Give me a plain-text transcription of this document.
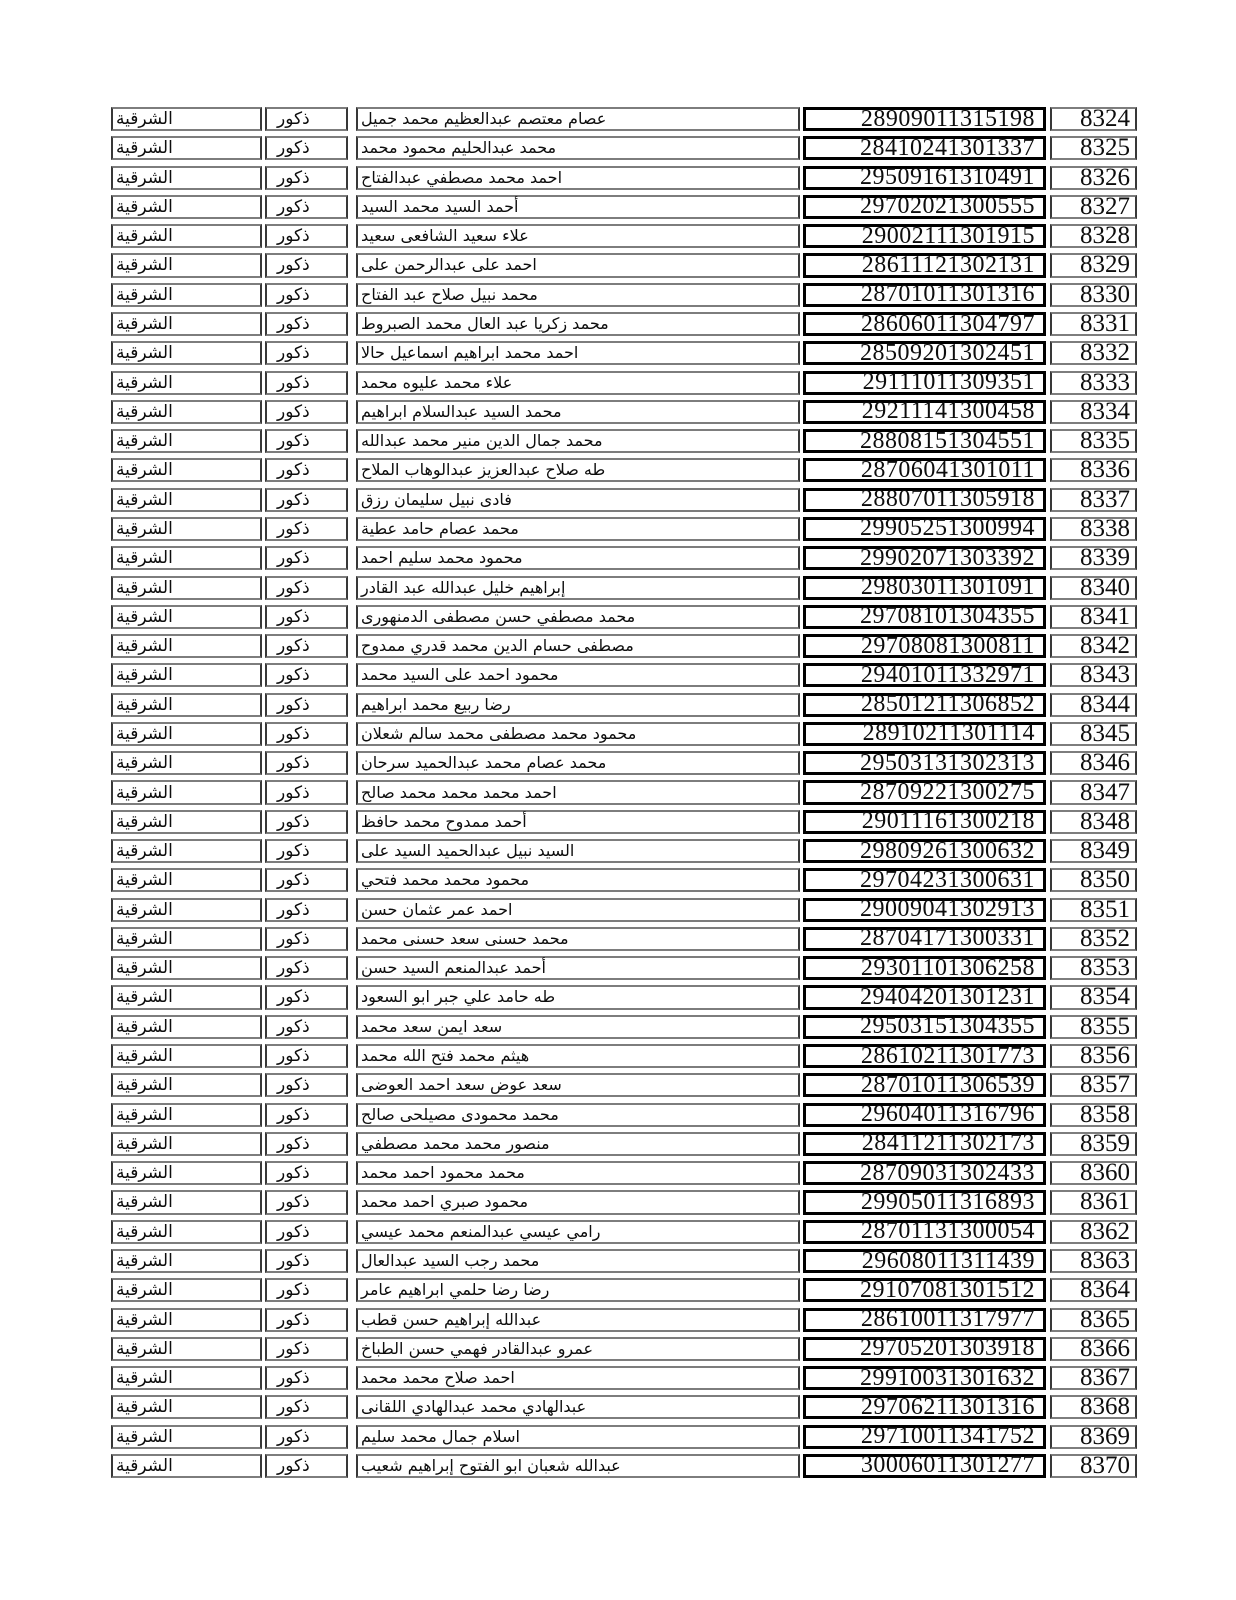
الشرقية	ذكور	عصام معتصم عبدالعظيم محمد جميل	28909011315198	8324
الشرقية	ذكور	محمد عبدالحليم محمود محمد	28410241301337	8325
الشرقية	ذكور	احمد محمد مصطفي عبدالفتاح	29509161310491	8326
الشرقية	ذكور	أحمد السيد محمد السيد	29702021300555	8327
الشرقية	ذكور	علاء سعيد الشافعى سعيد	29002111301915	8328
الشرقية	ذكور	احمد على عبدالرحمن على	28611121302131	8329
الشرقية	ذكور	محمد نبيل صلاح عبد الفتاح	28701011301316	8330
الشرقية	ذكور	محمد زكريا عبد العال محمد الصبروط	28606011304797	8331
الشرقية	ذكور	احمد محمد ابراهيم اسماعيل حالا	28509201302451	8332
الشرقية	ذكور	علاء محمد عليوه محمد	29111011309351	8333
الشرقية	ذكور	محمد السيد عبدالسلام ابراهيم	29211141300458	8334
الشرقية	ذكور	محمد جمال الدين منير محمد عبدالله	28808151304551	8335
الشرقية	ذكور	طه صلاح عبدالعزيز عبدالوهاب الملاح	28706041301011	8336
الشرقية	ذكور	فادى نبيل سليمان رزق	28807011305918	8337
الشرقية	ذكور	محمد عصام حامد عطية	29905251300994	8338
الشرقية	ذكور	محمود محمد سليم احمد	29902071303392	8339
الشرقية	ذكور	إبراهيم خليل عبدالله عبد القادر	29803011301091	8340
الشرقية	ذكور	محمد مصطفي حسن مصطفى الدمنهورى	29708101304355	8341
الشرقية	ذكور	مصطفى حسام الدين محمد قدري ممدوح	29708081300811	8342
الشرقية	ذكور	محمود احمد على السيد محمد	29401011332971	8343
الشرقية	ذكور	رضا ربيع محمد ابراهيم	28501211306852	8344
الشرقية	ذكور	محمود محمد مصطفى محمد سالم شعلان	28910211301114	8345
الشرقية	ذكور	محمد عصام محمد عبدالحميد سرحان	29503131302313	8346
الشرقية	ذكور	احمد محمد محمد محمد صالح	28709221300275	8347
الشرقية	ذكور	أحمد ممدوح محمد حافظ	29011161300218	8348
الشرقية	ذكور	السيد نبيل عبدالحميد السيد على	29809261300632	8349
الشرقية	ذكور	محمود محمد محمد فتحي	29704231300631	8350
الشرقية	ذكور	احمد عمر عثمان حسن	29009041302913	8351
الشرقية	ذكور	محمد حسنى سعد حسنى محمد	28704171300331	8352
الشرقية	ذكور	أحمد عبدالمنعم السيد حسن	29301101306258	8353
الشرقية	ذكور	طه حامد علي جبر ابو السعود	29404201301231	8354
الشرقية	ذكور	سعد ايمن سعد محمد	29503151304355	8355
الشرقية	ذكور	هيثم محمد فتح الله محمد	28610211301773	8356
الشرقية	ذكور	سعد عوض سعد احمد العوضى	28701011306539	8357
الشرقية	ذكور	محمد محمودى مصيلحى صالح	29604011316796	8358
الشرقية	ذكور	منصور محمد محمد مصطفي	28411211302173	8359
الشرقية	ذكور	محمد محمود احمد محمد	28709031302433	8360
الشرقية	ذكور	محمود صبري احمد محمد	29905011316893	8361
الشرقية	ذكور	رامي عيسي عبدالمنعم محمد عيسي	28701131300054	8362
الشرقية	ذكور	محمد رجب السيد عبدالعال	29608011311439	8363
الشرقية	ذكور	رضا رضا حلمي ابراهيم عامر	29107081301512	8364
الشرقية	ذكور	عبدالله إبراهيم حسن قطب	28610011317977	8365
الشرقية	ذكور	عمرو عبدالقادر فهمي حسن الطباخ	29705201303918	8366
الشرقية	ذكور	احمد صلاح محمد محمد	29910031301632	8367
الشرقية	ذكور	عبدالهادي محمد عبدالهادي اللقانى	29706211301316	8368
الشرقية	ذكور	اسلام جمال محمد سليم	29710011341752	8369
الشرقية	ذكور	عبدالله شعبان ابو الفتوح إبراهيم شعيب	30006011301277	8370
